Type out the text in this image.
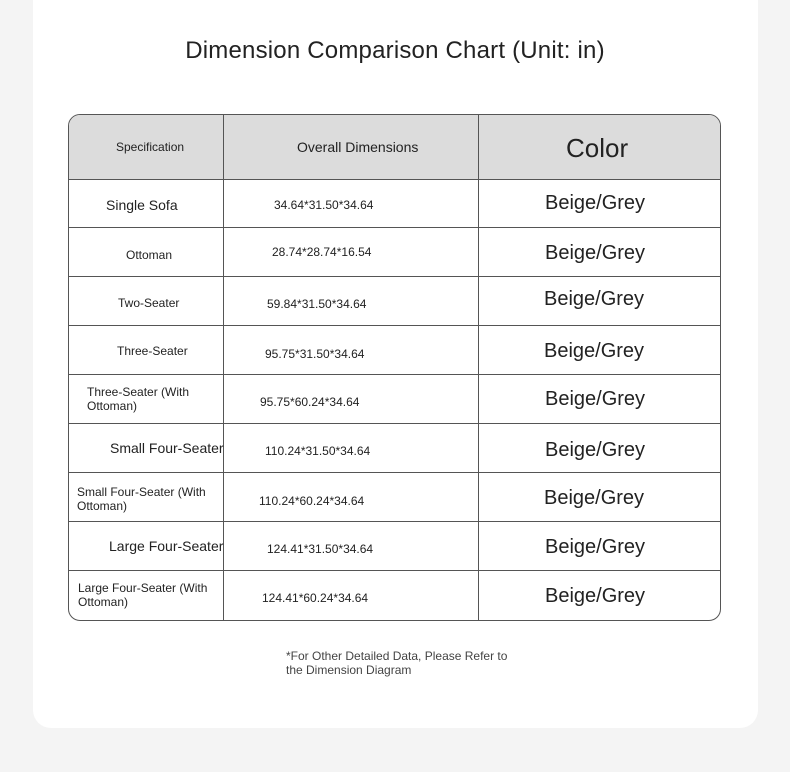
Dimension Comparison Chart (Unit: in)
Specification	Overall Dimensions	Color
Single Sofa	34.64*31.50*34.64	Beige/Grey
Ottoman	28.74*28.74*16.54	Beige/Grey
Two-Seater	59.84*31.50*34.64	Beige/Grey
Three-Seater	95.75*31.50*34.64	Beige/Grey
Three-Seater (With Ottoman)	95.75*60.24*34.64	Beige/Grey
Small Four-Seater	110.24*31.50*34.64	Beige/Grey
Small Four-Seater (With Ottoman)	110.24*60.24*34.64	Beige/Grey
Large Four-Seater	124.41*31.50*34.64	Beige/Grey
Large Four-Seater (With Ottoman)	124.41*60.24*34.64	Beige/Grey
*For Other Detailed Data, Please Refer to the Dimension Diagram
